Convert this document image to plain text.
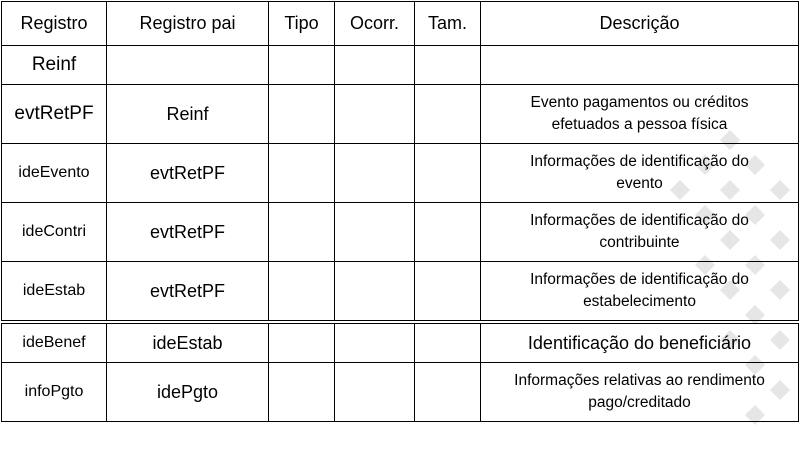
Registro	Registro pai	Tipo	Ocorr.	Tam.	Descrição
Reinf					

evtRetPF	Reinf				Evento pagamentos ou créditos
efetuados a pessoa física

ideEvento	evtRetPF				Informações de identificação do
evento

ideContri	evtRetPF				Informações de identificação do
contribuinte

ideEstab	evtRetPF				Informações de identificação do
estabelecimento

ideBenef	ideEstab				Identificação do beneficiário

infoPgto	idePgto				Informações relativas ao rendimento
pago/creditado
